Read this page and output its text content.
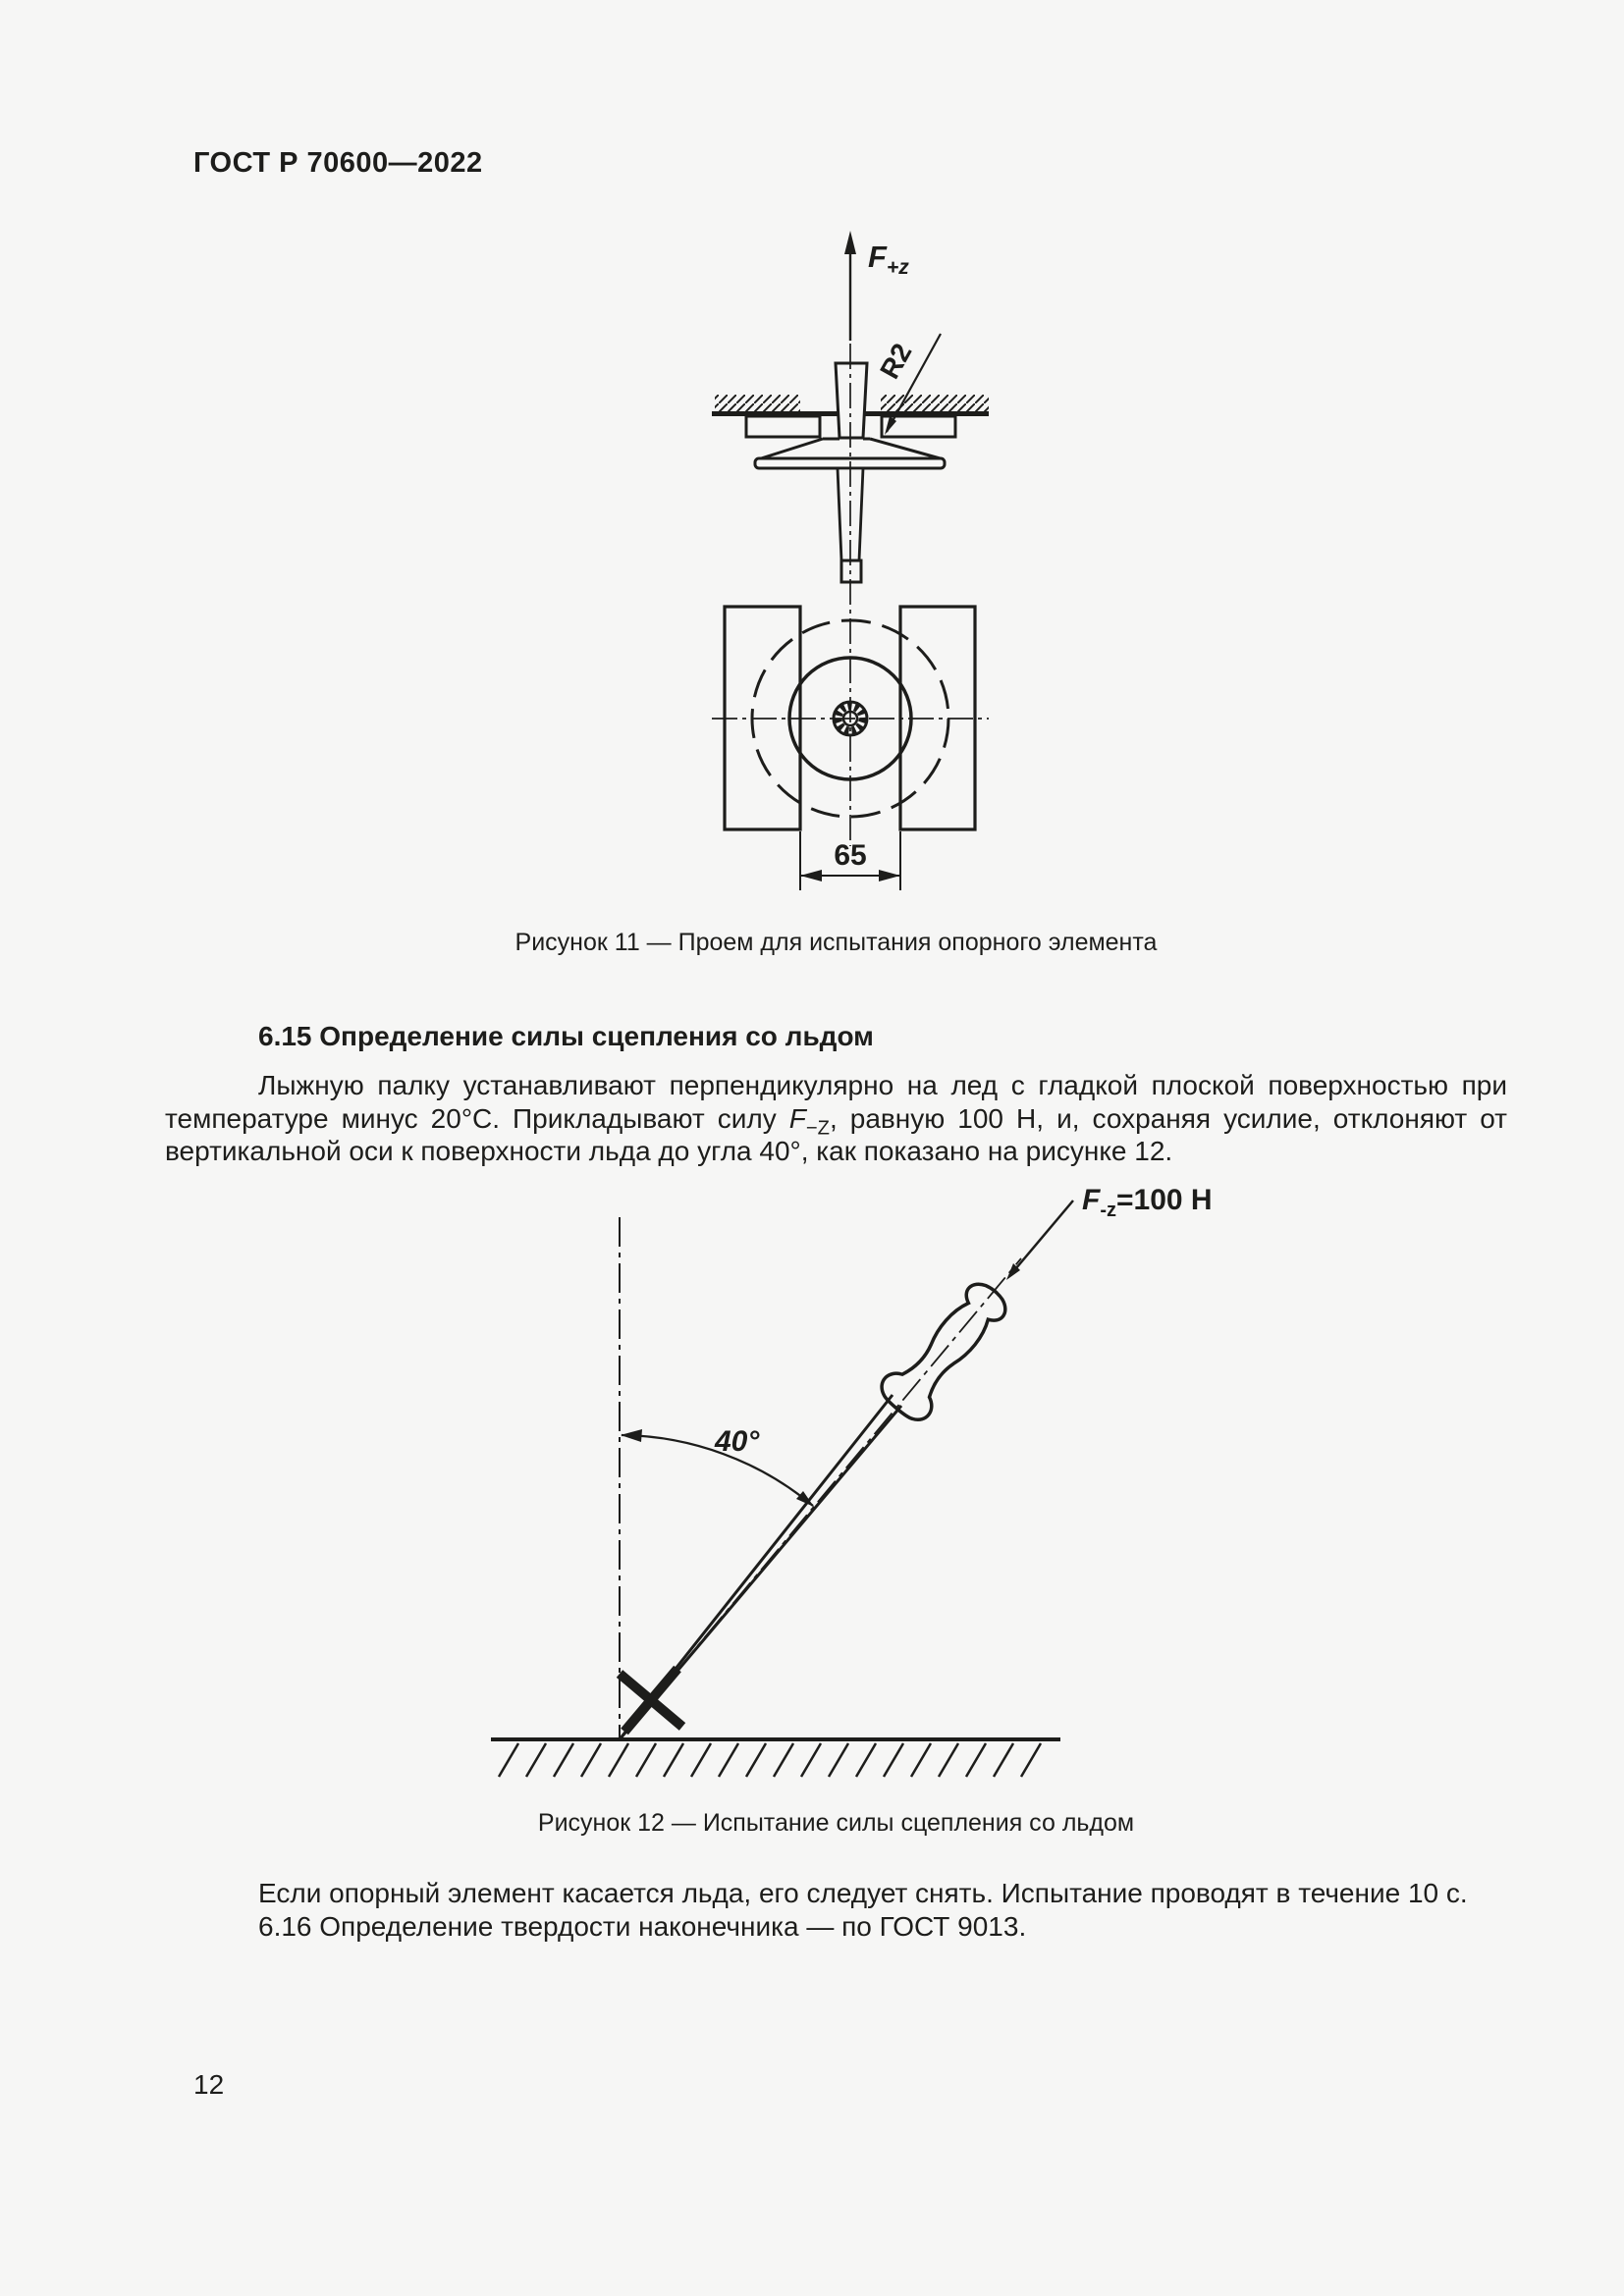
ГОСТ Р 70600—2022
$F_{+z}$
R2
65
Рисунок 11 — Проем для испытания опорного элемента
6.15 Определение силы сцепления со льдом
Лыжную палку устанавливают перпендикулярно на лед с гладкой плоской поверхностью при температуре минус 20°С. Прикладывают силу $F_{-Z}$, равную 100 Н, и, сохраняя усилие, отклоняют от вертикальной оси к поверхности льда до угла 40°, как показано на рисунке 12.
40°
$F_{-z}=100$ Н
Рисунок 12 — Испытание силы сцепления со льдом

Если опорный элемент касается льда, его следует снять. Испытание проводят в течение 10 с.

6.16 Определение твердости наконечника — по ГОСТ 9013.

12
